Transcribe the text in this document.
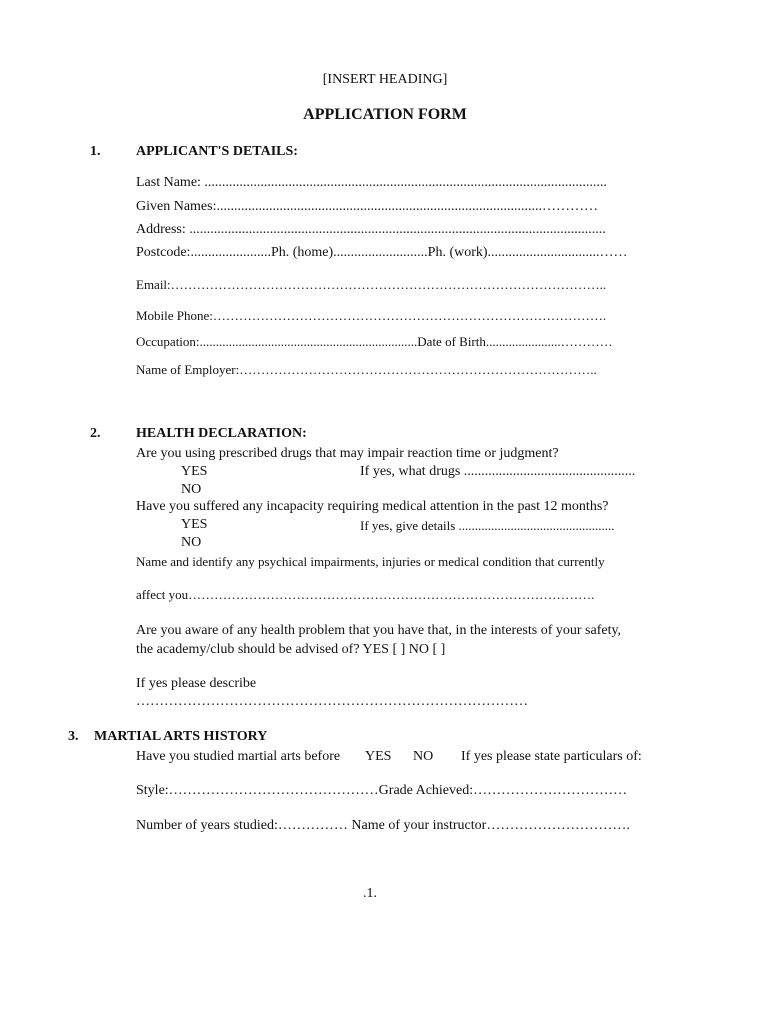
[INSERT HEADING]
APPLICATION FORM
1.	APPLICANT'S DETAILS:
Last Name: ...................................................................................................................
Given Names:.............................................................................................…………
Address: .......................................................................................................................
Postcode:.......................Ph. (home)...........................Ph. (work)................................……
Email:………………………………………………………………………………………..
Mobile Phone:……………………………………………………………………………….
Occupation:...................................................................Date of Birth.......................…………
Name of Employer:………………………………………………………………………..
2.	HEALTH DECLARATION:
Are you using prescribed drugs that may impair reaction time or judgment?
YES	If yes, what drugs .................................................
NO
Have you suffered any incapacity requiring medical attention in the past 12 months?
YES	If yes, give details ................................................
NO
Name and identify any psychical impairments, injuries or medical condition that currently
affect you………………………………………………………………………………….
Are you aware of any health problem that you have that, in the interests of your safety,
the academy/club should be advised of? YES [ ] NO [ ]
If yes please describe
…………………………………………………………………………
3. MARTIAL ARTS HISTORY
Have you studied martial arts before YES NO If yes please state particulars of:
Style:………………………………………Grade Achieved:……………………………
Number of years studied:…………… Name of your instructor………………………….
.1.
